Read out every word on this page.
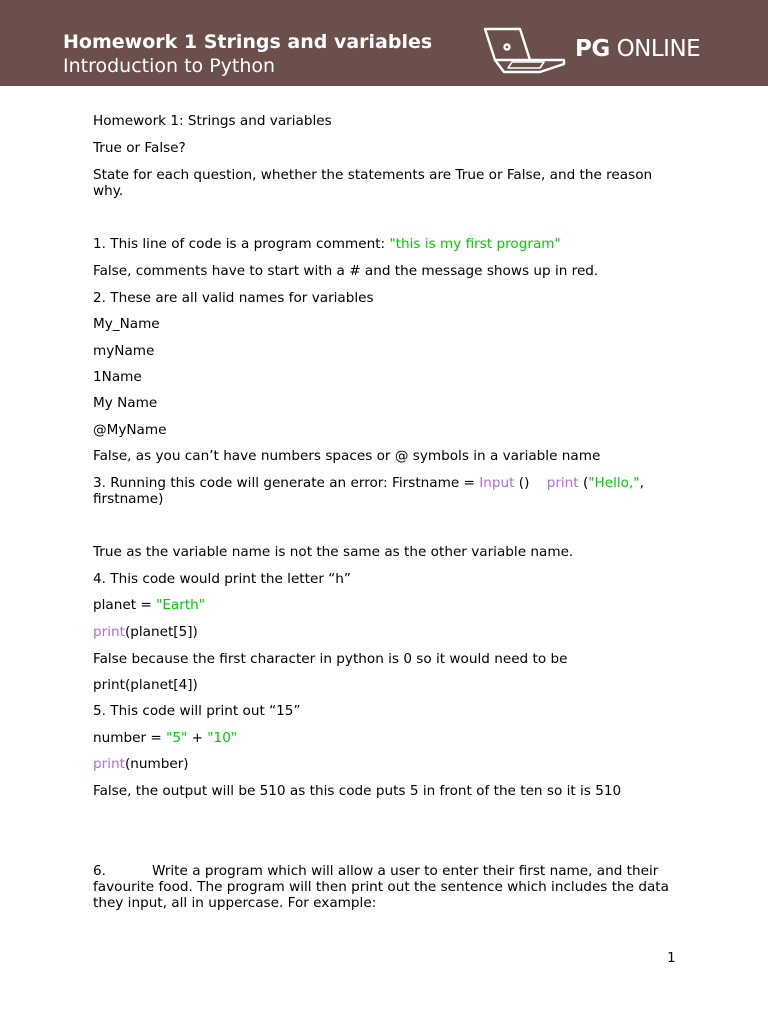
Homework 1 Strings and variables
Introduction to Python
PG ONLINE
Homework 1: Strings and variables
True or False?
State for each question, whether the statements are True or False, and the reason why.
1. This line of code is a program comment: "this is my first program"
False, comments have to start with a # and the message shows up in red.
2. These are all valid names for variables
My_Name
myName
1Name
My Name
@MyName
False, as you can’t have numbers spaces or @ symbols in a variable name
3. Running this code will generate an error: Firstname = Input () print ("Hello,", firstname)
True as the variable name is not the same as the other variable name.
4. This code would print the letter “h”
planet = "Earth"
print(planet[5])
False because the first character in python is 0 so it would need to be
print(planet[4])
5. This code will print out “15”
number = "5" + "10"
print(number)
False, the output will be 510 as this code puts 5 in front of the ten so it is 510
6.	Write a program which will allow a user to enter their first name, and their favourite food. The program will then print out the sentence which includes the data they input, all in uppercase. For example:
1
